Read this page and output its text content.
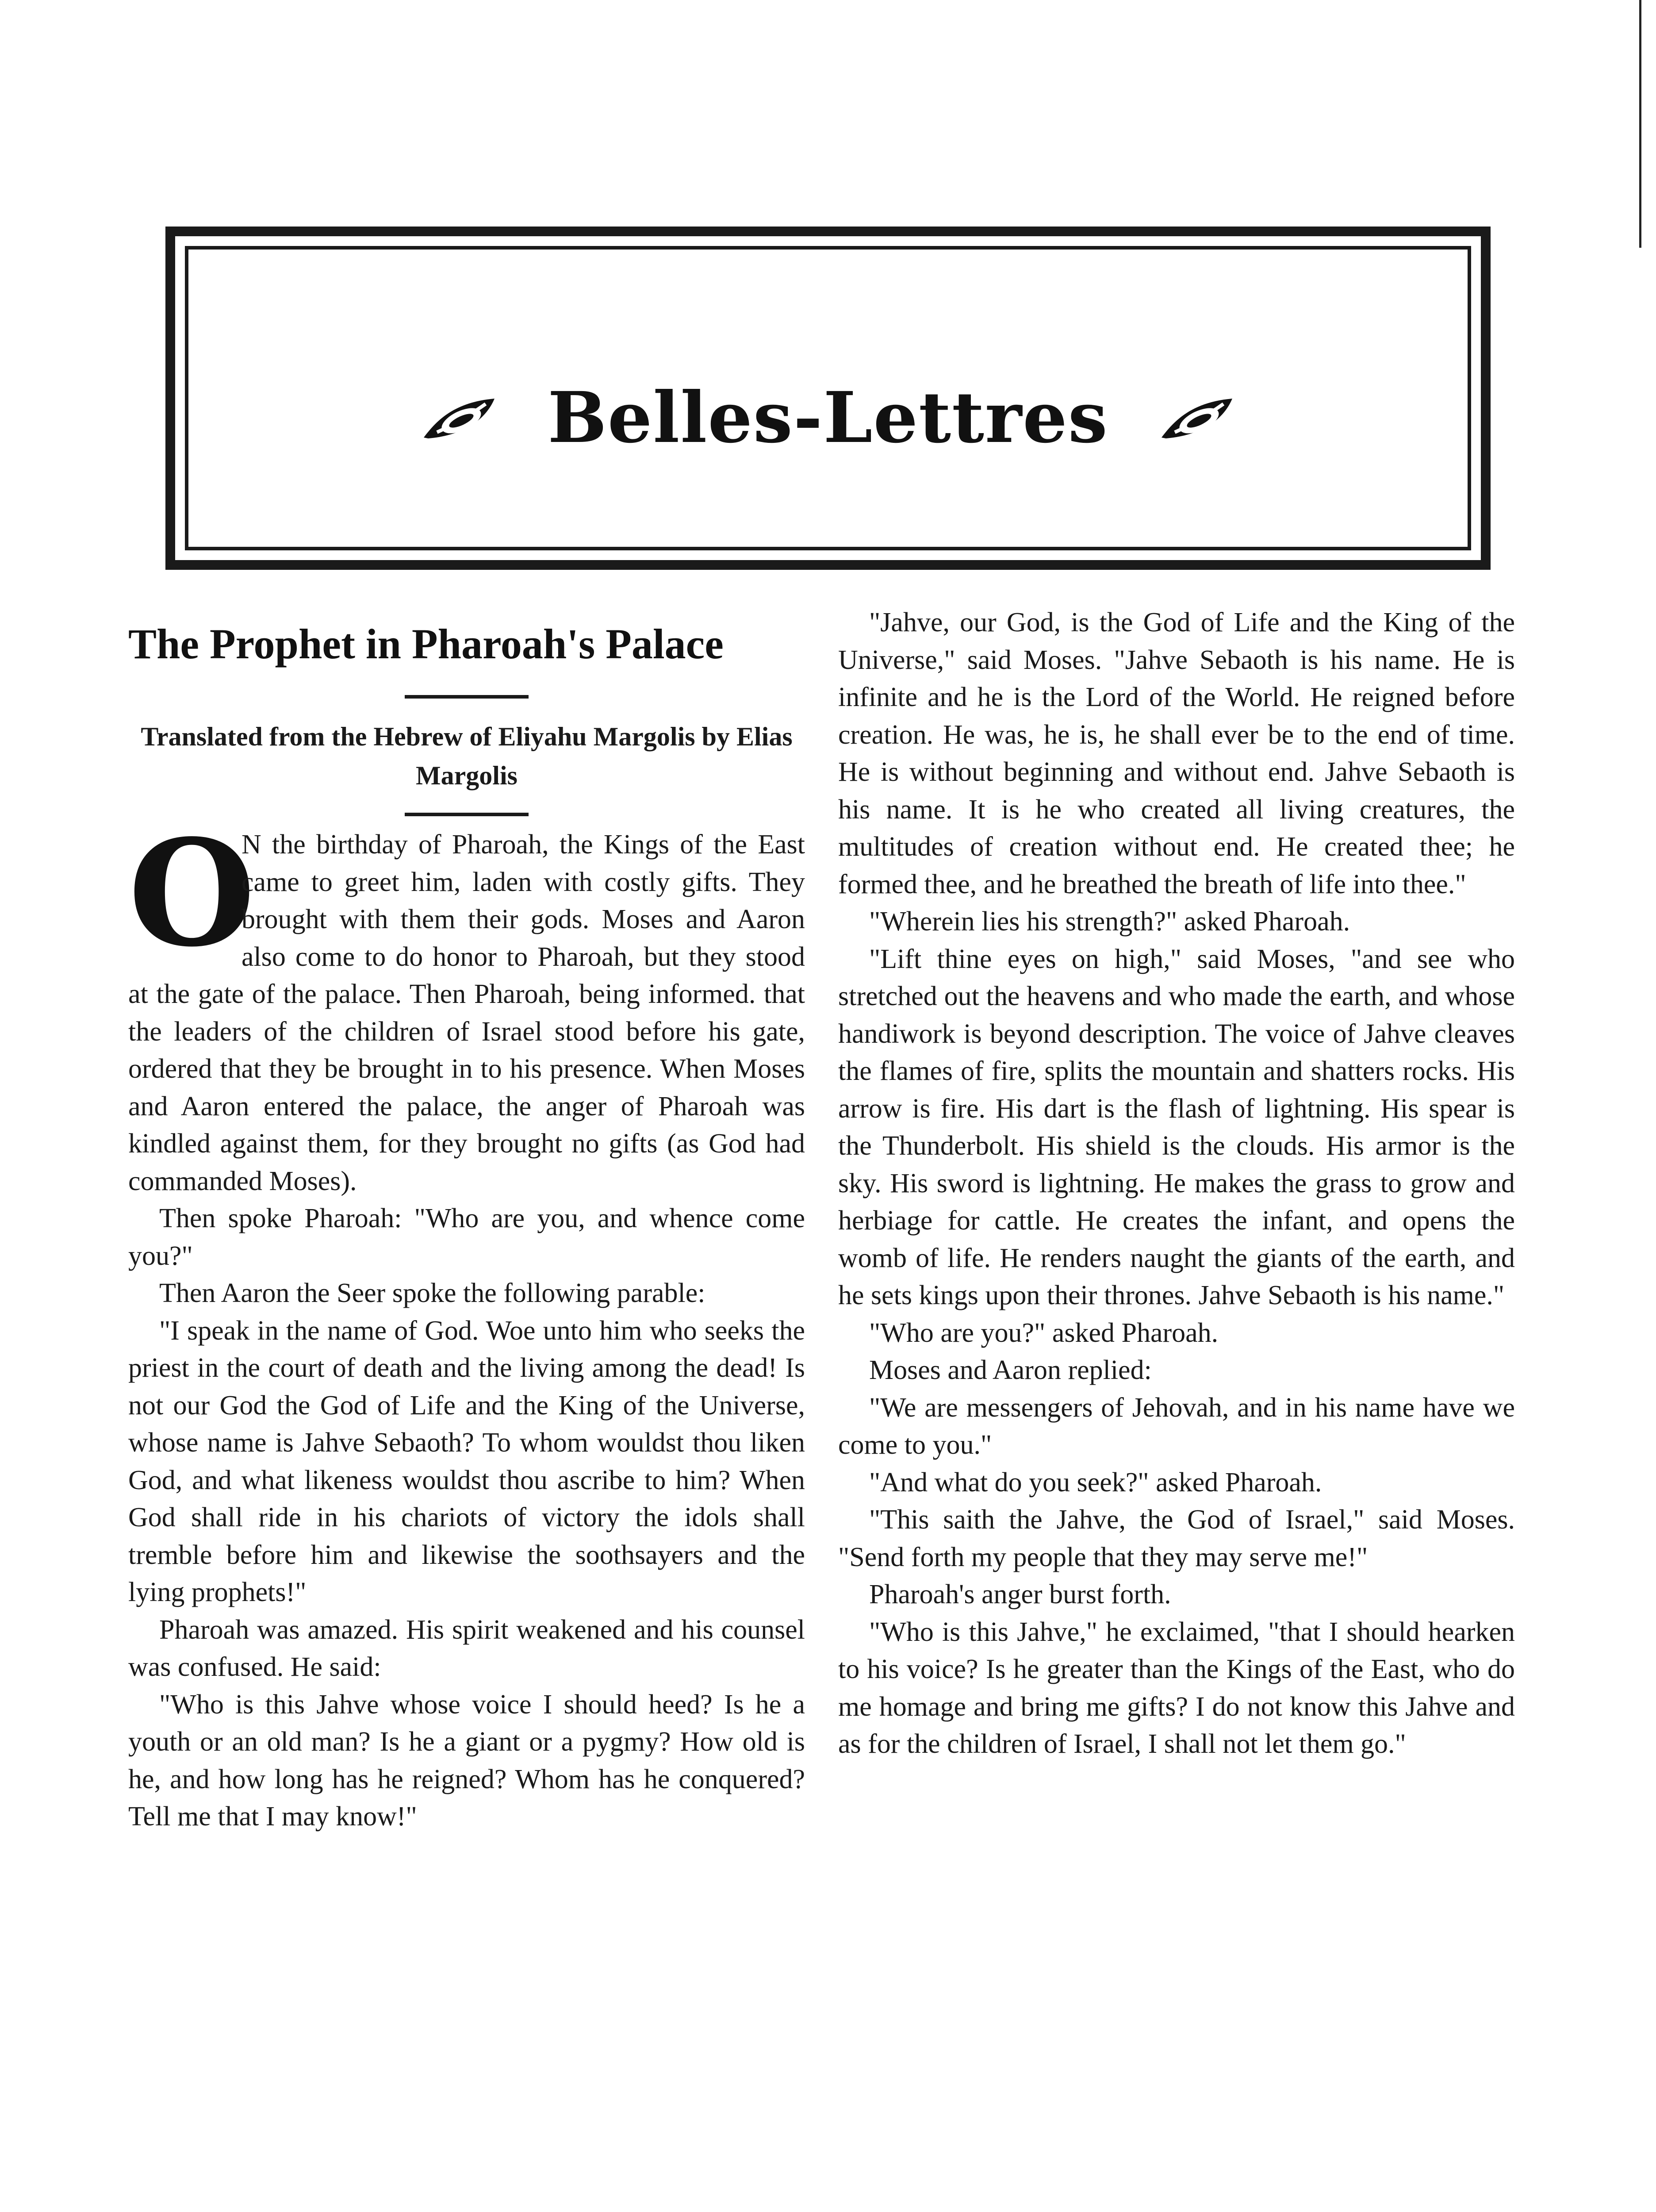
Belles-Lettres
The Prophet in Pharoah's Palace
Translated from the Hebrew of Eliyahu Margolis by Elias Margolis
O

N the birthday of Pharoah, the Kings of the East came to greet him, laden with costly gifts. They brought with them their gods. Moses and Aaron also come to do honor to Pharoah, but they stood at the gate of the palace. Then Pharoah, being informed. that the leaders of the children of Israel stood before his gate, ordered that they be brought in to his presence. When Moses and Aaron entered the palace, the anger of Pharoah was kindled against them, for they brought no gifts (as God had commanded Moses).

Then spoke Pharoah: "Who are you, and whence come you?"

Then Aaron the Seer spoke the following parable:

"I speak in the name of God. Woe unto him who seeks the priest in the court of death and the living among the dead! Is not our God the God of Life and the King of the Universe, whose name is Jahve Sebaoth? To whom wouldst thou liken God, and what likeness wouldst thou ascribe to him? When God shall ride in his chariots of victory the idols shall tremble before him and likewise the soothsayers and the lying prophets!"

Pharoah was amazed. His spirit weakened and his counsel was confused. He said:

"Who is this Jahve whose voice I should heed? Is he a youth or an old man? Is he a giant or a pygmy? How old is he, and how long has he reigned? Whom has he conquered? Tell me that I may know!"

"Jahve, our God, is the God of Life and the King of the Universe," said Moses. "Jahve Sebaoth is his name. He is infinite and he is the Lord of the World. He reigned before creation. He was, he is, he shall ever be to the end of time. He is without beginning and without end. Jahve Sebaoth is his name. It is he who created all living creatures, the multitudes of creation without end. He created thee; he formed thee, and he breathed the breath of life into thee."

"Wherein lies his strength?" asked Pharoah.

"Lift thine eyes on high," said Moses, "and see who stretched out the heavens and who made the earth, and whose handiwork is beyond description. The voice of Jahve cleaves the flames of fire, splits the mountain and shatters rocks. His arrow is fire. His dart is the flash of lightning. His spear is the Thunderbolt. His shield is the clouds. His armor is the sky. His sword is lightning. He makes the grass to grow and herbiage for cattle. He creates the infant, and opens the womb of life. He renders naught the giants of the earth, and he sets kings upon their thrones. Jahve Sebaoth is his name."

"Who are you?" asked Pharoah.

Moses and Aaron replied:

"We are messengers of Jehovah, and in his name have we come to you."

"And what do you seek?" asked Pharoah.

"This saith the Jahve, the God of Israel," said Moses. "Send forth my people that they may serve me!"

Pharoah's anger burst forth.

"Who is this Jahve," he exclaimed, "that I should hearken to his voice? Is he greater than the Kings of the East, who do me homage and bring me gifts? I do not know this Jahve and as for the children of Israel, I shall not let them go."
